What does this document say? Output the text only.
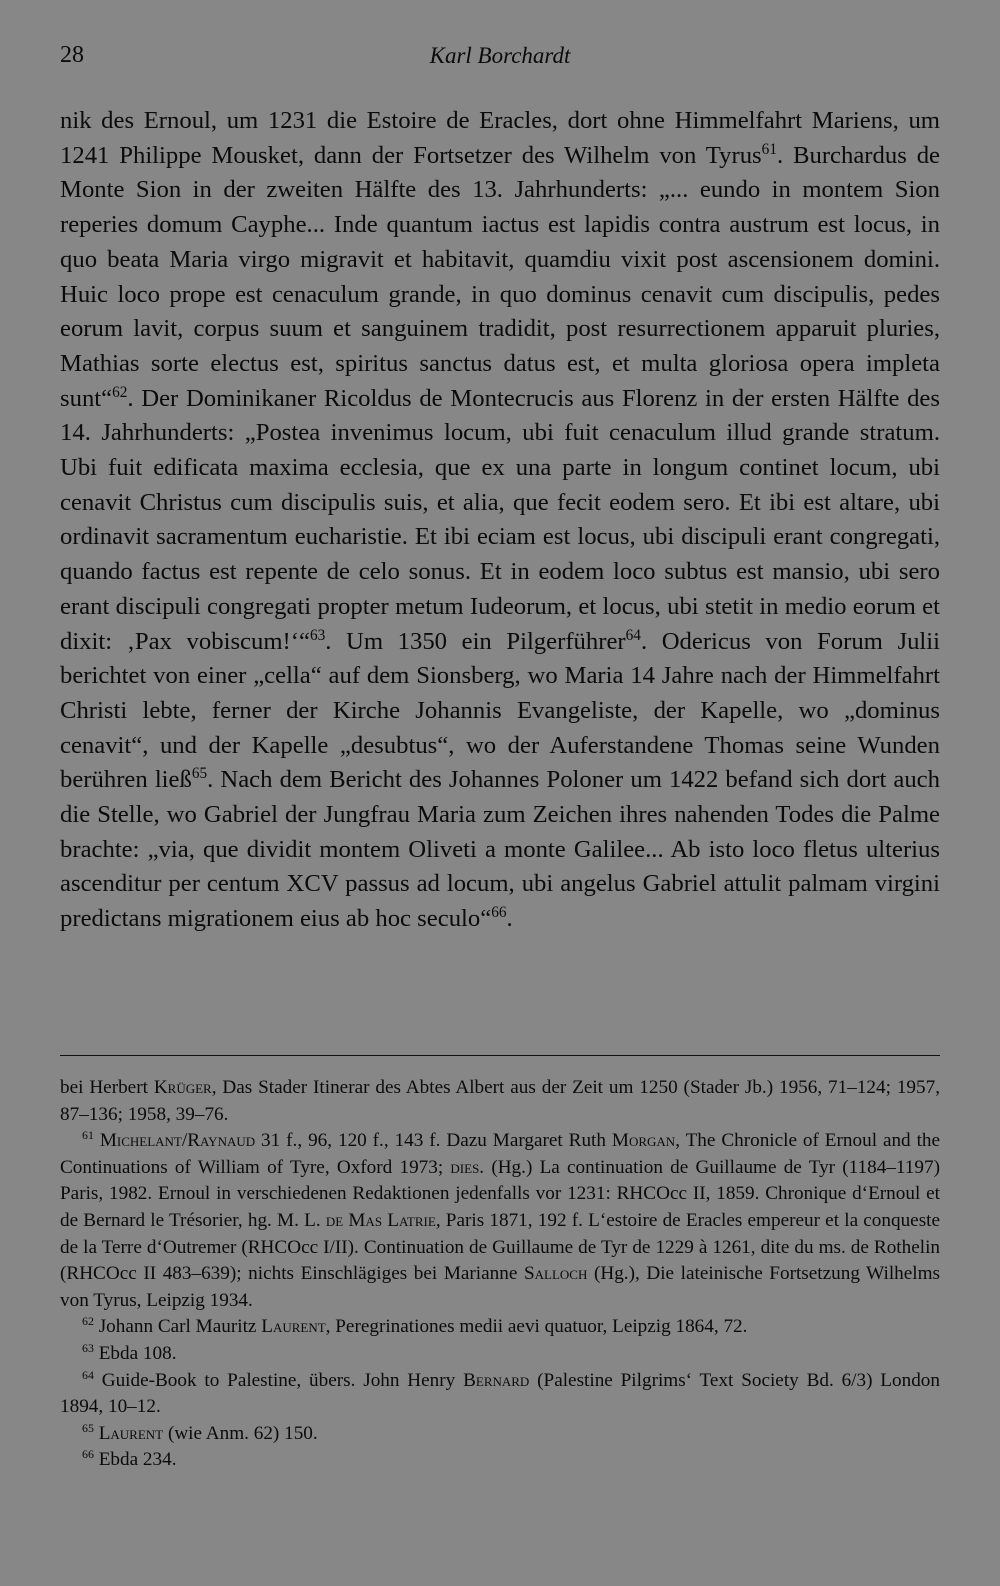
28	Karl Borchardt

nik des Ernoul, um 1231 die Estoire de Eracles, dort ohne Himmelfahrt Mariens, um 1241 Philippe Mousket, dann der Fortsetzer des Wilhelm von Tyrus$^{61}$. Burchardus de Monte Sion in der zweiten Hälfte des 13. Jahrhunderts: „... eundo in montem Sion reperies domum Cayphe... Inde quantum iactus est lapidis contra austrum est locus, in quo beata Maria virgo migravit et habitavit, quamdiu vixit post ascensionem domini. Huic loco prope est cenaculum grande, in quo dominus cenavit cum discipulis, pedes eorum lavit, corpus suum et sanguinem tradidit, post resurrectionem apparuit pluries, Mathias sorte electus est, spiritus sanctus datus est, et multa gloriosa opera impleta sunt“$^{62}$. Der Dominikaner Ricoldus de Montecrucis aus Florenz in der ersten Hälfte des 14. Jahrhunderts: „Postea invenimus locum, ubi fuit cenaculum illud grande stratum. Ubi fuit edificata maxima ecclesia, que ex una parte in longum continet locum, ubi cenavit Christus cum discipulis suis, et alia, que fecit eodem sero. Et ibi est altare, ubi ordinavit sacramentum eucharistie. Et ibi eciam est locus, ubi discipuli erant congregati, quando factus est repente de celo sonus. Et in eodem loco subtus est mansio, ubi sero erant discipuli congregati propter metum Iudeorum, et locus, ubi stetit in medio eorum et dixit: ‚Pax vobiscum!‘“$^{63}$. Um 1350 ein Pilgerführer$^{64}$. Odericus von Forum Julii berichtet von einer „cella“ auf dem Sionsberg, wo Maria 14 Jahre nach der Himmelfahrt Christi lebte, ferner der Kirche Johannis Evangeliste, der Kapelle, wo „dominus cenavit“, und der Kapelle „desubtus“, wo der Auferstandene Thomas seine Wunden berühren ließ$^{65}$. Nach dem Bericht des Johannes Poloner um 1422 befand sich dort auch die Stelle, wo Gabriel der Jungfrau Maria zum Zeichen ihres nahenden Todes die Palme brachte: „via, que dividit montem Oliveti a monte Galilee... Ab isto loco fletus ulterius ascenditur per centum XCV passus ad locum, ubi angelus Gabriel attulit palmam virgini predictans migrationem eius ab hoc seculo“$^{66}$.

bei Herbert Krüger, Das Stader Itinerar des Abtes Albert aus der Zeit um 1250 (Stader Jb.) 1956, 71–124; 1957, 87–136; 1958, 39–76.

$^{61}$ Michelant/Raynaud 31 f., 96, 120 f., 143 f. Dazu Margaret Ruth Morgan, The Chronicle of Ernoul and the Continuations of William of Tyre, Oxford 1973; dies. (Hg.) La continuation de Guillaume de Tyr (1184–1197) Paris, 1982. Ernoul in verschiedenen Redaktionen jedenfalls vor 1231: RHCOcc II, 1859. Chronique d‘Ernoul et de Bernard le Trésorier, hg. M. L. de Mas Latrie, Paris 1871, 192 f. L‘estoire de Eracles empereur et la conqueste de la Terre d‘Outremer (RHCOcc I/II). Continuation de Guillaume de Tyr de 1229 à 1261, dite du ms. de Rothelin (RHCOcc II 483–639); nichts Einschlägiges bei Marianne Salloch (Hg.), Die lateinische Fortsetzung Wilhelms von Tyrus, Leipzig 1934.

$^{62}$ Johann Carl Mauritz Laurent, Peregrinationes medii aevi quatuor, Leipzig 1864, 72.

$^{63}$ Ebda 108.

$^{64}$ Guide-Book to Palestine, übers. John Henry Bernard (Palestine Pilgrims‘ Text Society Bd. 6/3) London 1894, 10–12.

$^{65}$ Laurent (wie Anm. 62) 150.

$^{66}$ Ebda 234.
